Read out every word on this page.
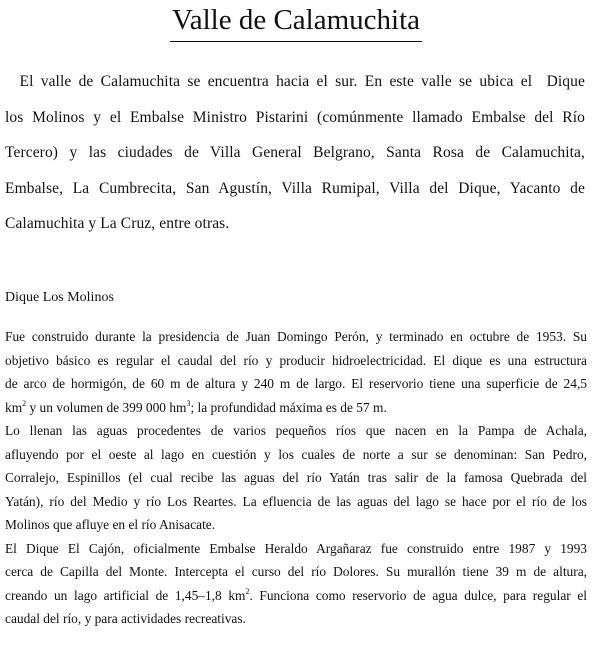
Valle de Calamuchita
El valle de Calamuchita se encuentra hacia el sur. En este valle se ubica el  Dique
los Molinos y el Embalse Ministro Pistarini (comúnmente llamado Embalse del Río
Tercero) y las ciudades de Villa General Belgrano, Santa Rosa de Calamuchita,
Embalse, La Cumbrecita, San Agustín, Villa Rumipal, Villa del Dique, Yacanto de
Calamuchita y La Cruz, entre otras.
Dique Los Molinos
Fue construido durante la presidencia de Juan Domingo Perón, y terminado en octubre de 1953. Su
objetivo básico es regular el caudal del río y producir hidroelectricidad. El dique es una estructura
de arco de hormigón, de 60 m de altura y 240 m de largo. El reservorio tiene una superficie de 24,5
$km^2$ y un volumen de 399 000 $hm^3$; la profundidad máxima es de 57 m.
Lo llenan las aguas procedentes de varios pequeños ríos que nacen en la Pampa de Achala,
afluyendo por el oeste al lago en cuestión y los cuales de norte a sur se denominan: San Pedro,
Corralejo, Espinillos (el cual recibe las aguas del río Yatán tras salir de la famosa Quebrada del
Yatán), río del Medio y río Los Reartes. La efluencia de las aguas del lago se hace por el río de los
Molinos que afluye en el río Anisacate.
El Dique El Cajón, oficialmente Embalse Heraldo Argañaraz fue construido entre 1987 y 1993
cerca de Capilla del Monte. Intercepta el curso del río Dolores. Su murallón tiene 39 m de altura,
creando un lago artificial de 1,45–1,8 $km^2$. Funciona como reservorio de agua dulce, para regular el
caudal del río, y para actividades recreativas.
